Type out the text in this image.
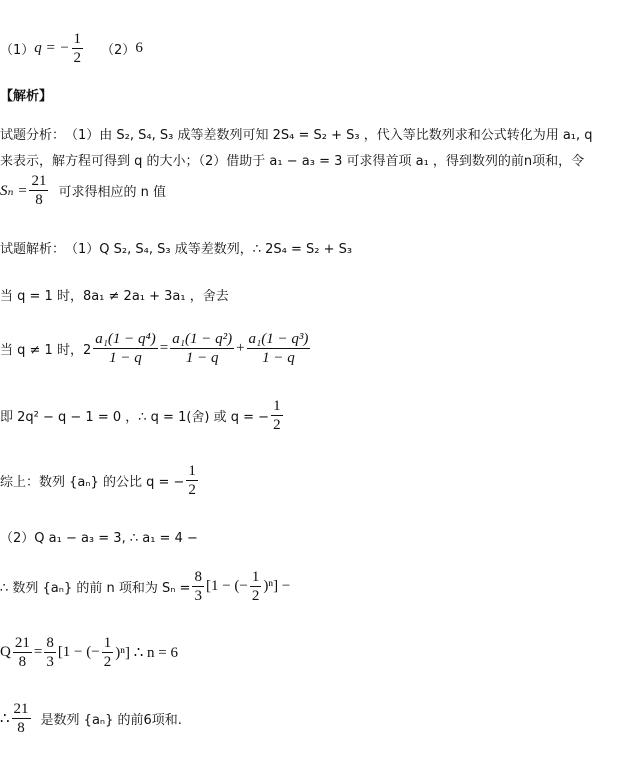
（1） q = − $\frac{1}{2} (2)$ 6
【解析】
试题分析： （1）由 S₂, S₄, S₃ 成等差数列可知 2S₄ = S₂ + S₃ ，代入等比数列求和公式转化为用 a₁, q
来表示，解方程可得到 q 的大小；（2）借助于 a₁ − a₃ = 3 可求得首项 a₁ ，得到数列的前n项和，令
$S_n = \frac{21}{8}$ 可求得相应的 n 值
试题解析： （1）Q S₂, S₄, S₃ 成等差数列，∴ 2S₄ = S₂ + S₃
当 q = 1 时，8a₁ ≠ 2a₁ + 3a₁ ，舍去
当 q ≠ 1 时，$2 \frac{\text{a₁(1 − q⁴)}}{1 - q} = \frac{\text{a₁(1 − q²)}}{1 - q} + \frac{\text{a₁(1 − q³)}}{1 - q}$
即 2q² − q − 1 = 0 ，∴ q = 1(舍) 或 q = − $\frac{1}{2}$
综上：数列 {aₙ} 的公比 q = − $\frac{1}{2}$
（2）Q a₁ − a₃ = 3, ∴ a₁ = 4 −
∴ 数列 {aₙ} 的前 n 项和为 $S_n = \frac{8}{3} [1$ − (− $\frac{1}{2} )^n$] −
Q $\frac{21}{8} = \frac{8}{3} [1$ − (− $\frac{1}{2} )^n$] ∴ n = 6
∴ $\frac{21}{8}$ 是数列 {aₙ} 的前6项和.
